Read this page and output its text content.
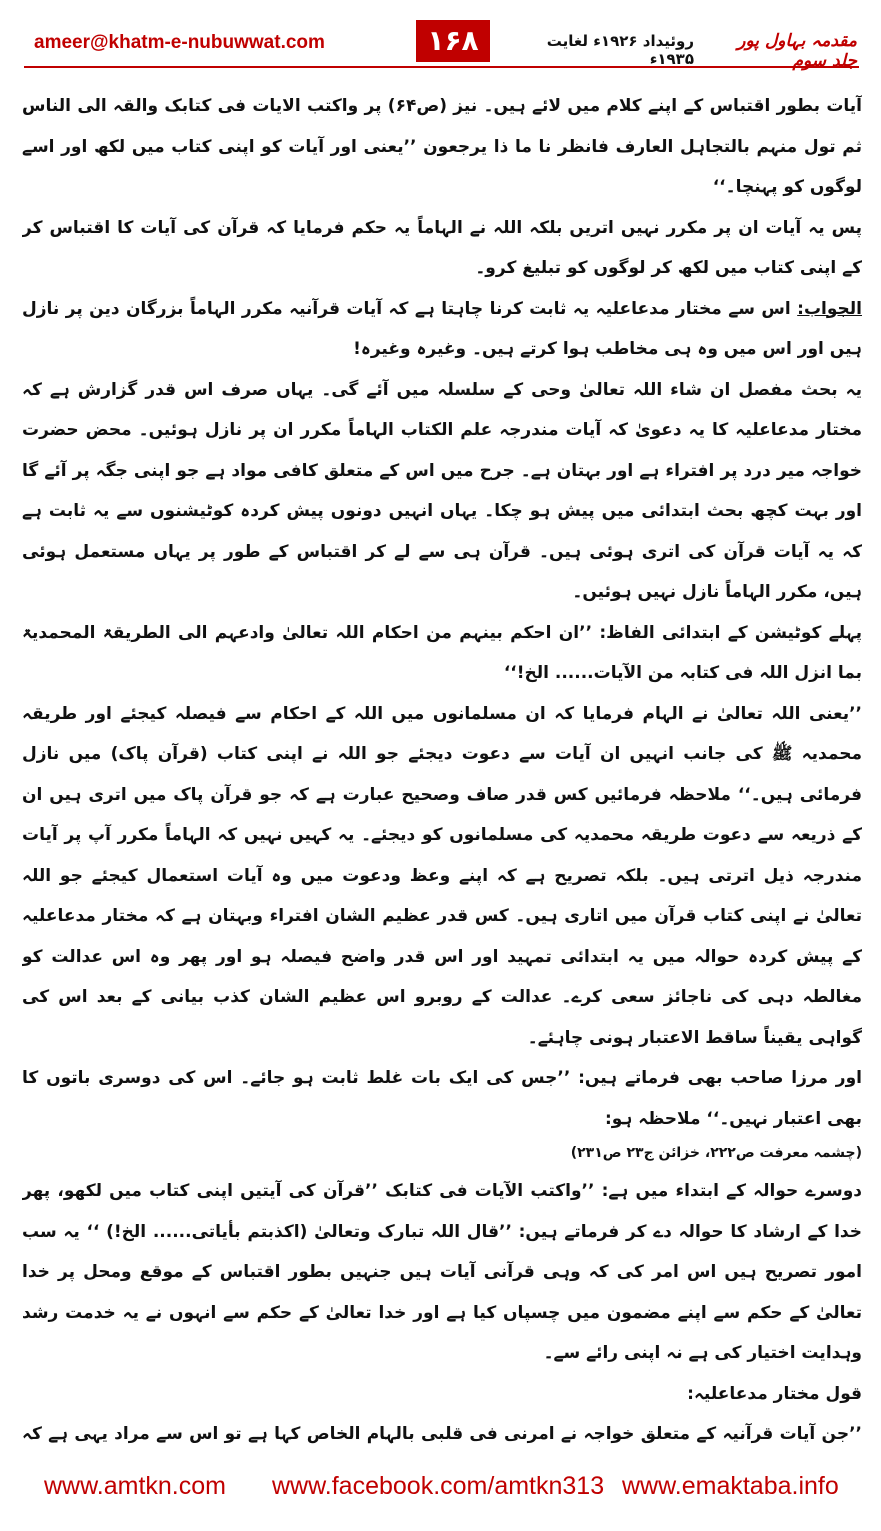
ameer@khatm-e-nubuwwat.com	۱۶۸	روئیداد ۱۹۲۶ء لغایت ۱۹۳۵ء
مقدمہ بہاول پور جلد سوم

آیات بطور اقتباس کے اپنے کلام میں لائے ہیں۔ نیز (ص۶۴) پر واکتب الایات فی کتابک والقہ الی الناس ثم تول منہم بالتجاہل العارف فانظر نا ما ذا یرجعون ’’یعنی اور آیات کو اپنی کتاب میں لکھ اور اسے لوگوں کو پہنچا۔‘‘

پس یہ آیات ان پر مکرر نہیں اتریں بلکہ اللہ نے الہاماً یہ حکم فرمایا کہ قرآن کی آیات کا اقتباس کر کے اپنی کتاب میں لکھ کر لوگوں کو تبلیغ کرو۔

الجواب: اس سے مختار مدعاعلیہ یہ ثابت کرنا چاہتا ہے کہ آیات قرآنیہ مکرر الہاماً بزرگان دین پر نازل ہیں اور اس میں وہ ہی مخاطب ہوا کرتے ہیں۔ وغیرہ وغیرہ!

یہ بحث مفصل ان شاء اللہ تعالیٰ وحی کے سلسلہ میں آئے گی۔ یہاں صرف اس قدر گزارش ہے کہ مختار مدعاعلیہ کا یہ دعویٰ کہ آیات مندرجہ علم الکتاب الہاماً مکرر ان پر نازل ہوئیں۔ محض حضرت خواجہ میر درد پر افتراء ہے اور بہتان ہے۔ جرح میں اس کے متعلق کافی مواد ہے جو اپنی جگہ پر آئے گا اور بہت کچھ بحث ابتدائی میں پیش ہو چکا۔ یہاں انہیں دونوں پیش کردہ کوٹیشنوں سے یہ ثابت ہے کہ یہ آیات قرآن کی اتری ہوئی ہیں۔ قرآن ہی سے لے کر اقتباس کے طور پر یہاں مستعمل ہوئی ہیں، مکرر الہاماً نازل نہیں ہوئیں۔

پہلے کوٹیشن کے ابتدائی الفاظ: ’’ان احکم بینہم من احکام اللہ تعالیٰ وادعہم الی الطریقۃ المحمدیۃ بما انزل اللہ فی کتابہ من الآیات...... الخ!‘‘

’’یعنی اللہ تعالیٰ نے الہام فرمایا کہ ان مسلمانوں میں اللہ کے احکام سے فیصلہ کیجئے اور طریقہ محمدیہ ﷺ کی جانب انہیں ان آیات سے دعوت دیجئے جو اللہ نے اپنی کتاب (قرآن پاک) میں نازل فرمائی ہیں۔‘‘ ملاحظہ فرمائیں کس قدر صاف وصحیح عبارت ہے کہ جو قرآن پاک میں اتری ہیں ان کے ذریعہ سے دعوت طریقہ محمدیہ کی مسلمانوں کو دیجئے۔ یہ کہیں نہیں کہ الہاماً مکرر آپ پر آیات مندرجہ ذیل اترتی ہیں۔ بلکہ تصریح ہے کہ اپنے وعظ ودعوت میں وہ آیات استعمال کیجئے جو اللہ تعالیٰ نے اپنی کتاب قرآن میں اتاری ہیں۔ کس قدر عظیم الشان افتراء وبہتان ہے کہ مختار مدعاعلیہ کے پیش کردہ حوالہ میں یہ ابتدائی تمہید اور اس قدر واضح فیصلہ ہو اور پھر وہ اس عدالت کو مغالطہ دہی کی ناجائز سعی کرے۔ عدالت کے روبرو اس عظیم الشان کذب بیانی کے بعد اس کی گواہی یقیناً ساقط الاعتبار ہونی چاہئے۔

اور مرزا صاحب بھی فرماتے ہیں: ’’جس کی ایک بات غلط ثابت ہو جائے۔ اس کی دوسری باتوں کا بھی اعتبار نہیں۔‘‘ ملاحظہ ہو:

(چشمہ معرفت ص۲۲۲، خزائن ج۲۳ ص۲۳۱)

دوسرے حوالہ کے ابتداء میں ہے: ’’واکتب الآیات فی کتابک ’’قرآن کی آیتیں اپنی کتاب میں لکھو، پھر خدا کے ارشاد کا حوالہ دے کر فرماتے ہیں: ’’قال اللہ تبارک وتعالیٰ (اکذبتم بأیاتی...... الخ!) ‘‘ یہ سب امور تصریح ہیں اس امر کی کہ وہی قرآنی آیات ہیں جنہیں بطور اقتباس کے موقع ومحل پر خدا تعالیٰ کے حکم سے اپنے مضمون میں چسپاں کیا ہے اور خدا تعالیٰ کے حکم سے انہوں نے یہ خدمت رشد وہدایت اختیار کی ہے نہ اپنی رائے سے۔

قول مختار مدعاعلیہ:

’’جن آیات قرآنیہ کے متعلق خواجہ نے امرنی فی قلبی بالہام الخاص کہا ہے تو اس سے مراد یہی ہے کہ

www.amtkn.com www.facebook.com/amtkn313 www.emaktaba.info
